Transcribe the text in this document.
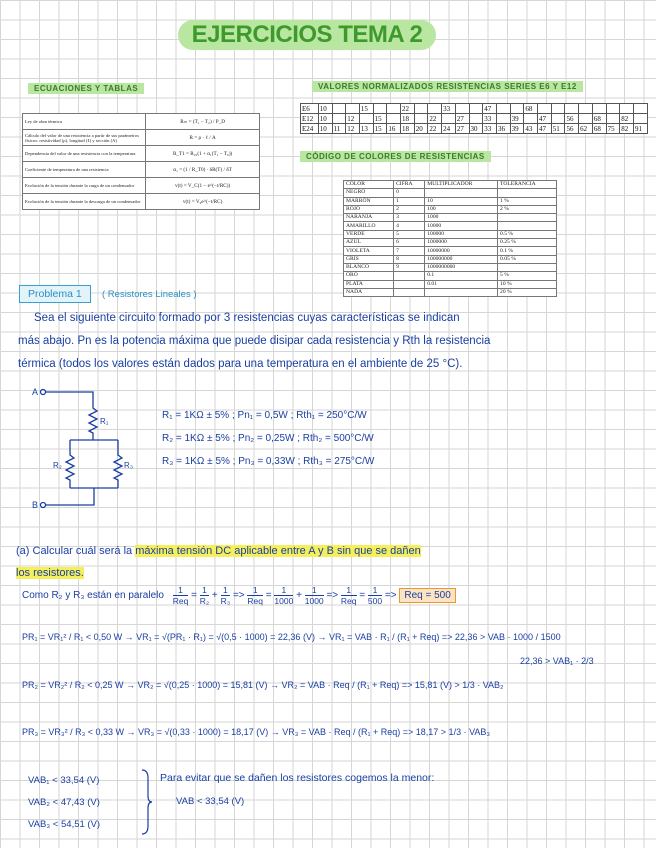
EJERCICIOS TEMA 2
ECUACIONES Y TABLAS	VALORES NORMALIZADOS RESISTENCIAS SERIES E6 Y E12
CÓDIGO DE COLORES DE RESISTENCIAS
Ley de ohm térmica	Rₜₕ = (T₁ − T₂) / P_D
Cálculo del valor de una resistencia a partir de sus parámetros físicos: resistividad (ρ), longitud (ℓ) y sección (A)	R = ρ · ℓ / A
Dependencia del valor de una resistencia con la temperatura	R_T1 = R₂₅(1 + α₁(T₁ − T₀))
Coeficiente de temperatura de una resistencia	α₁ = (1 / R_T0) · δR(T) / δT
Evolución de la tensión durante la carga de un condensador	v(t) = V_C(1 − e^(−t/RC))
Evolución de la tensión durante la descarga de un condensador	v(t) = V₀e^(−t/RC)
E6	10			15			22			33			47			68								
E12	10		12		15		18		22		27		33		39		47		56		68		82	
E24	10	11	12	13	15	16	18	20	22	24	27	30	33	36	39	43	47	51	56	62	68	75	82	91
COLOR	CIFRA	MULTIPLICADOR	TOLERANCIA
NEGRO	0		
MARRÓN	1	10	1 %
ROJO	2	100	2 %
NARANJA	3	1000	
AMARILLO	4	10000	
VERDE	5	100000	0.5 %
AZUL	6	1000000	0.25 %
VIOLETA	7	10000000	0.1 %
GRIS	8	100000000	0.05 %
BLANCO	9	1000000000	
ORO		0.1	5 %
PLATA		0.01	10 %
NADA			20 %
Problema 1	( Resistores Lineales )
Sea el siguiente circuito formado por 3 resistencias cuyas características se indican
más abajo. Pn es la potencia máxima que puede disipar cada resistencia y Rth la resistencia
térmica (todos los valores están dados para una temperatura en el ambiente de 25 °C).
A
B
R₁
R₂	R₃
R₁ = 1KΩ ± 5% ; Pn₁ = 0,5W ; Rth₁ = 250°C/W
R₂ = 1KΩ ± 5% ; Pn₂ = 0,25W ; Rth₂ = 500°C/W
R₃ = 1KΩ ± 5% ; Pn₃ = 0,33W ; Rth₃ = 275°C/W
(a) Calcular cuál será la máxima tensión DC aplicable entre A y B sin que se dañen
los resistores.
Como R₂ y R₃ están en paralelo $\frac{1}{\text{Req}} = \frac{1}{\text{R₂}} + \frac{1}{\text{R₃}} => \frac{1}{\text{Req}} = \frac{1}{1000} + \frac{1}{1000} => \frac{1}{\text{Req}} = \frac{1}{500}$ => Req = 500
PR₁ = VR₁² / R₁ < 0,50 W → VR₁ = √(PR₁ · R₁) = √(0,5 · 1000) = 22,36 (V) → VR₁ = VAB · R₁ / (R₁ + Req) => 22,36 > VAB · 1000 / 1500
22,36 > VAB₁ · 2/3
PR₂ = VR₂² / R₂ < 0,25 W → VR₂ = √(0,25 · 1000) = 15,81 (V) → VR₂ = VAB · Req / (R₁ + Req) => 15,81 (V) > 1/3 · VAB₂
PR₃ = VR₃² / R₃ < 0,33 W → VR₃ = √(0,33 · 1000) = 18,17 (V) → VR₃ = VAB · Req / (R₁ + Req) => 18,17 > 1/3 · VAB₃
VAB₁ < 33,54 (V)
VAB₂ < 47,43 (V)
VAB₃ < 54,51 (V)
Para evitar que se dañen los resistores cogemos la menor:
VAB < 33,54 (V)
